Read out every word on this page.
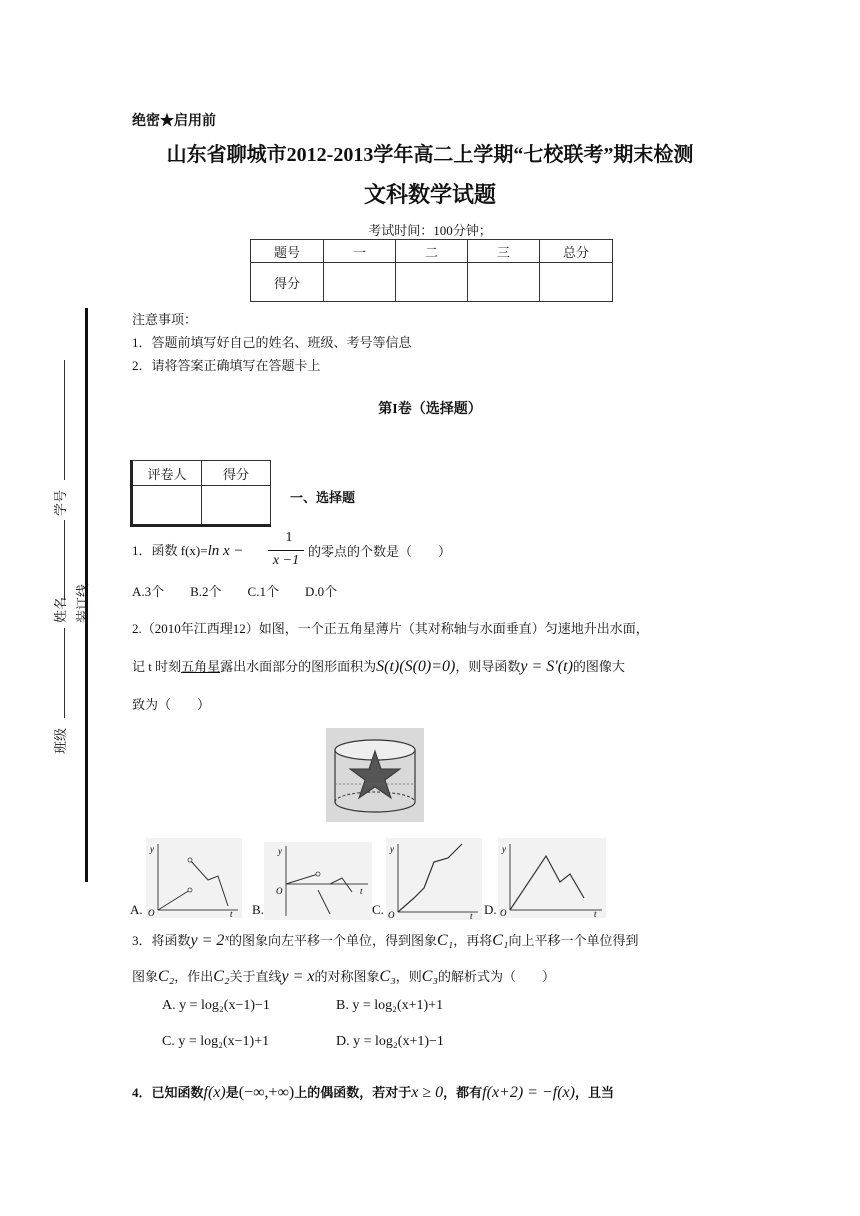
绝密★启用前
山东省聊城市2012-2013学年高二上学期“七校联考”期末检测
文科数学试题
考试时间：100分钟；
题号	一	二	三	总分
得分				
学号
姓名 装订线
班级
注意事项：
1．答题前填写好自己的姓名、班级、考号等信息
2．请将答案正确填写在答题卡上
第I卷（选择题）
评卷人	得分

一、选择题
1．函数 f(x)=ln x −
1
x −1
的零点的个数是（　　）
A.3个　　B.2个　　C.1个　　D.0个
2.（2010年江西理12）如图，一个正五角星薄片（其对称轴与水面垂直）匀速地升出水面，
记 t 时刻五角星露出水面部分的图形面积为S(t)(S(0)=0)，则导函数y = S′(t)的图像大
致为（　　）
y
t
O
A.
y
t
O
B.
y
t
O
C.
y
t
O
D.
3．将函数y = 2ˣ的图象向左平移一个单位，得到图象C₁，再将C₁向上平移一个单位得到
图象C₂，作出C₂关于直线y = x的对称图象C₃，则C₃的解析式为（　　）
A. y = log₂(x−1)−1	B. y = log₂(x+1)+1
C. y = log₂(x−1)+1	D. y = log₂(x+1)−1
4．已知函数f(x)是(−∞,+∞)上的偶函数，若对于x ≥ 0，都有f(x+2) = −f(x)，且当
